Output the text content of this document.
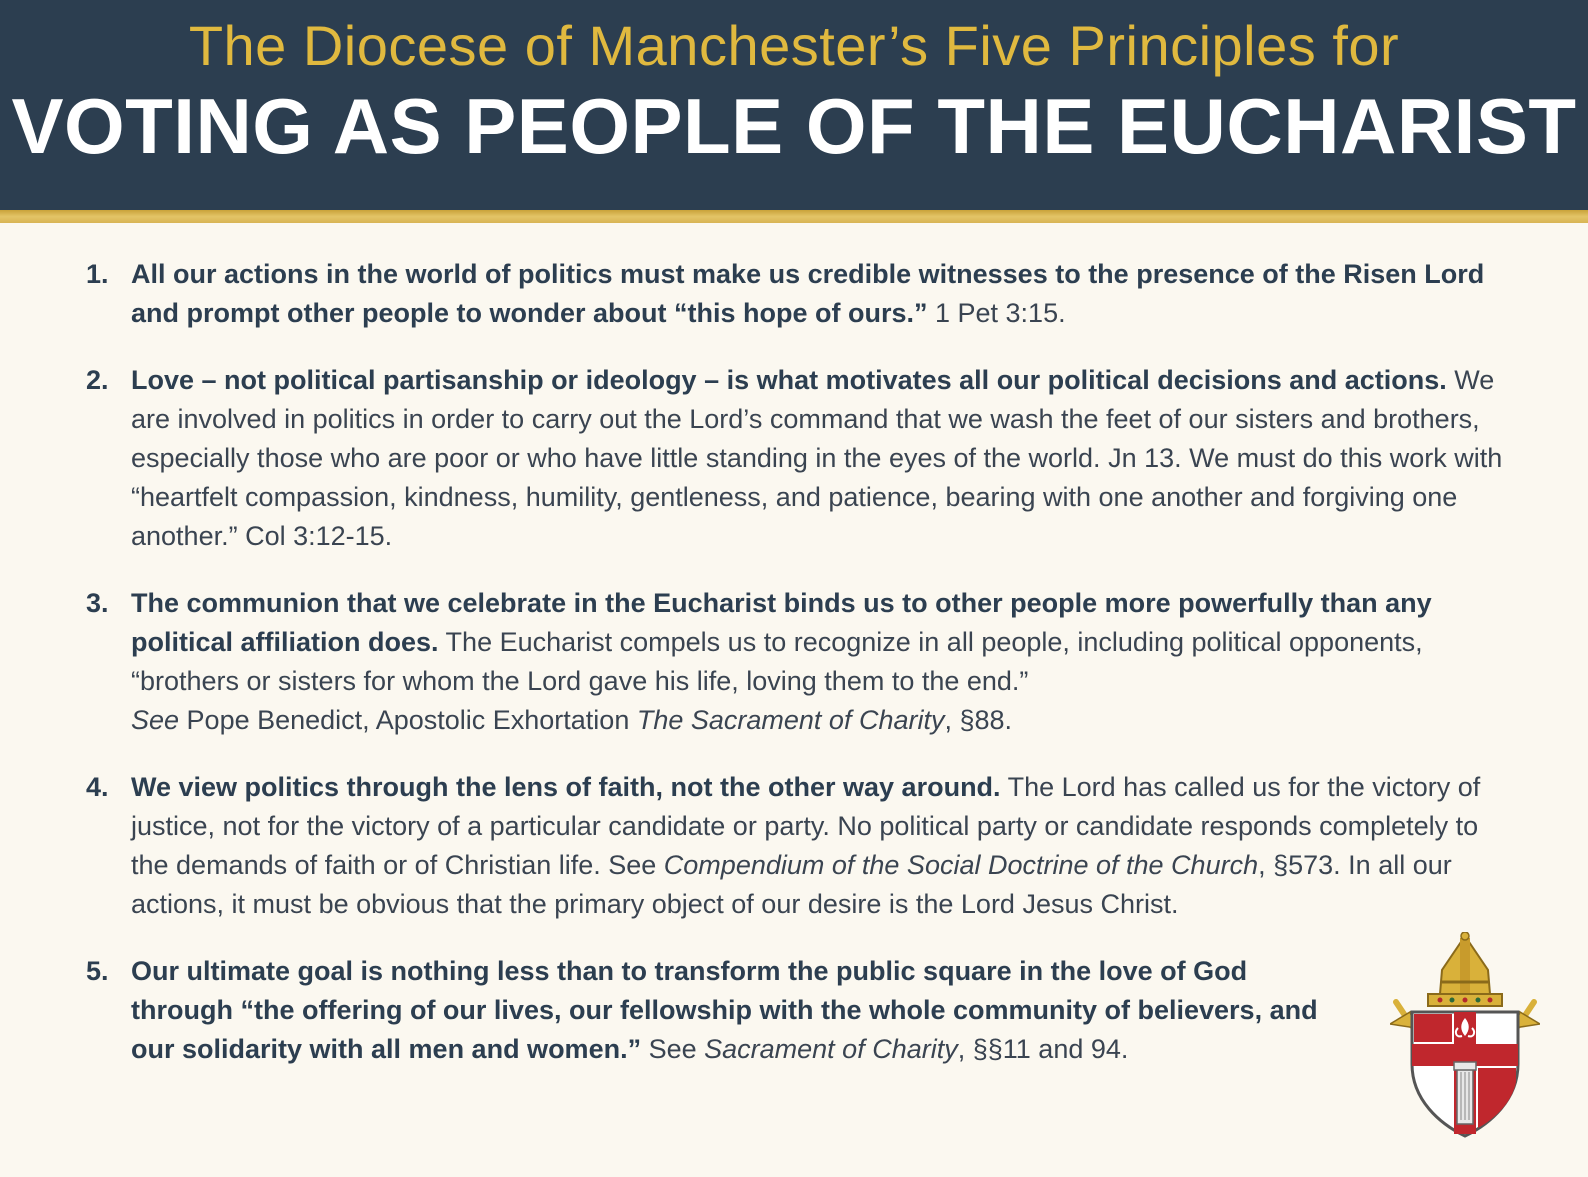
The Diocese of Manchester’s Five Principles for
VOTING AS PEOPLE OF THE EUCHARIST
1. All our actions in the world of politics must make us credible witnesses to the presence of the Risen Lord and prompt other people to wonder about “this hope of ours.” 1 Pet 3:15.
2. Love – not political partisanship or ideology – is what motivates all our political decisions and actions. We are involved in politics in order to carry out the Lord’s command that we wash the feet of our sisters and brothers, especially those who are poor or who have little standing in the eyes of the world. Jn 13. We must do this work with “heartfelt compassion, kindness, humility, gentleness, and patience, bearing with one another and forgiving one another.” Col 3:12-15.
3. The communion that we celebrate in the Eucharist binds us to other people more powerfully than any political affiliation does. The Eucharist compels us to recognize in all people, including political opponents, “brothers or sisters for whom the Lord gave his life, loving them to the end.”
See Pope Benedict, Apostolic Exhortation The Sacrament of Charity, §88.
4. We view politics through the lens of faith, not the other way around. The Lord has called us for the victory of justice, not for the victory of a particular candidate or party. No political party or candidate responds completely to the demands of faith or of Christian life. See Compendium of the Social Doctrine of the Church, §573. In all our actions, it must be obvious that the primary object of our desire is the Lord Jesus Christ.
5. Our ultimate goal is nothing less than to transform the public square in the love of God through “the offering of our lives, our fellowship with the whole community of believers, and our solidarity with all men and women.” See Sacrament of Charity, §§11 and 94.
